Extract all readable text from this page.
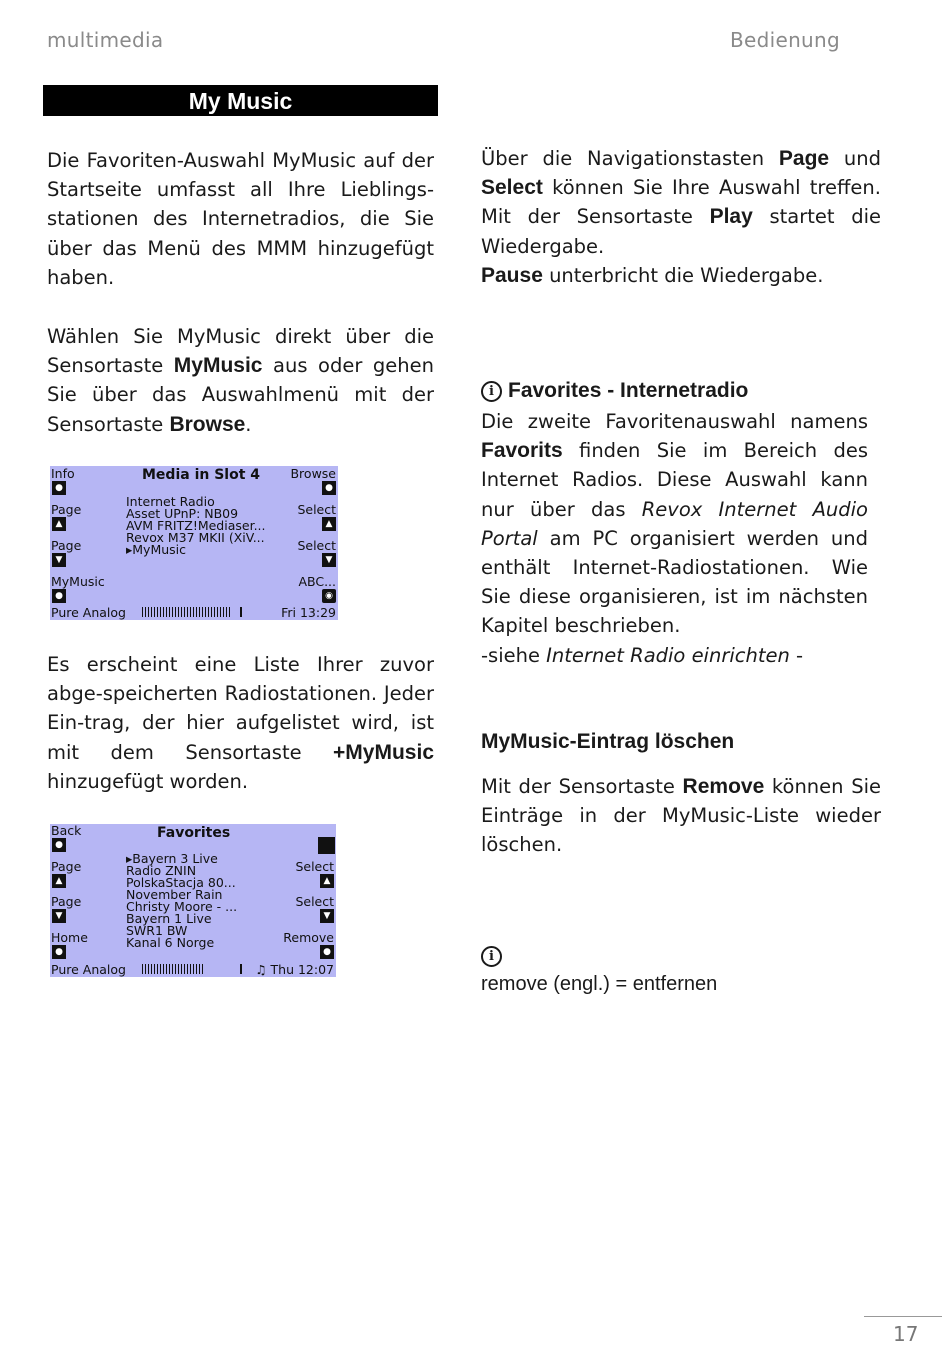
multimedia	Bedienung
My Music
Die Favoriten-Auswahl MyMusic auf der Startseite umfasst all Ihre Lieblings-stationen des Internetradios, die Sie über das Menü des MMM hinzugefügt haben.
Wählen Sie MyMusic direkt über die Sensortaste MyMusic aus oder gehen Sie über das Auswahlmenü mit der Sensortaste Browse.
Media in Slot 4
Info
●
Page
▲
Page
▼
MyMusic
●
Browse
●
Select
▲
Select
▼
ABC...
◉
Internet Radio
Asset UPnP: NB09
AVM FRITZ!Mediaser...
Revox M37 MKII (XiV...
▸MyMusic
Pure Analog	Fri 13:29
Es erscheint eine Liste Ihrer zuvor abge-speicherten Radiostationen. Jeder Ein-trag, der hier aufgelistet wird, ist mit dem Sensortaste +MyMusic hinzugefügt worden.
Favorites
Back
●
Page
▲
Page
▼
Home
●
Select
▲
Select
▼
Remove
●
▸Bayern 3 Live
Radio ZNIN
PolskaStacja 80...
November Rain
Christy Moore - ...
Bayern 1 Live
SWR1 BW
Kanal 6 Norge
Pure Analog	♫ Thu 12:07
Über die Navigationstasten Page und Select können Sie Ihre Auswahl treffen. Mit der Sensortaste Play startet die Wiedergabe.
Pause unterbricht die Wiedergabe.
i Favorites - Internetradio
Die zweite Favoritenauswahl namens Favorits finden Sie im Bereich des Internet Radios. Diese Auswahl kann nur über das Revox Internet Audio Portal am PC organisiert werden und enthält Internet-Radiostationen. Wie Sie diese organisieren, ist im nächsten Kapitel beschrieben.
-siehe Internet Radio einrichten -
MyMusic-Eintrag löschen
Mit der Sensortaste Remove können Sie Einträge in der MyMusic-Liste wieder löschen.
i
remove (engl.) = entfernen
17
